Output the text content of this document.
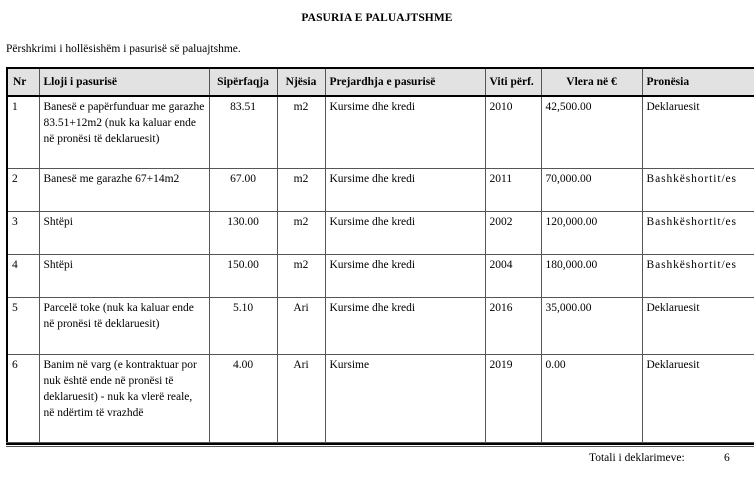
PASURIA E PALUAJTSHME
Përshkrimi i hollësishëm i pasurisë së paluajtshme.
Nr	Lloji i pasurisë	Sipërfaqja	Njësia	Prejardhja e pasurisë	Viti përf.	Vlera në €	Pronësia
1	Banesë e papërfunduar me garazhe 83.51+12m2 (nuk ka kaluar ende në pronësi të deklaruesit)	83.51	m2	Kursime dhe kredi	2010	42,500.00	Deklaruesit
2	Banesë me garazhe 67+14m2	67.00	m2	Kursime dhe kredi	2011	70,000.00	Bashkëshortit/es
3	Shtëpi	130.00	m2	Kursime dhe kredi	2002	120,000.00	Bashkëshortit/es
4	Shtëpi	150.00	m2	Kursime dhe kredi	2004	180,000.00	Bashkëshortit/es
5	Parcelë toke (nuk ka kaluar ende në pronësi të deklaruesit)	5.10	Ari	Kursime dhe kredi	2016	35,000.00	Deklaruesit
6	Banim në varg (e kontraktuar por nuk është ende në pronësi të deklaruesit) - nuk ka vlerë reale, në ndërtim të vrazhdë	4.00	Ari	Kursime	2019	0.00	Deklaruesit
Totali i deklarimeve:	6
